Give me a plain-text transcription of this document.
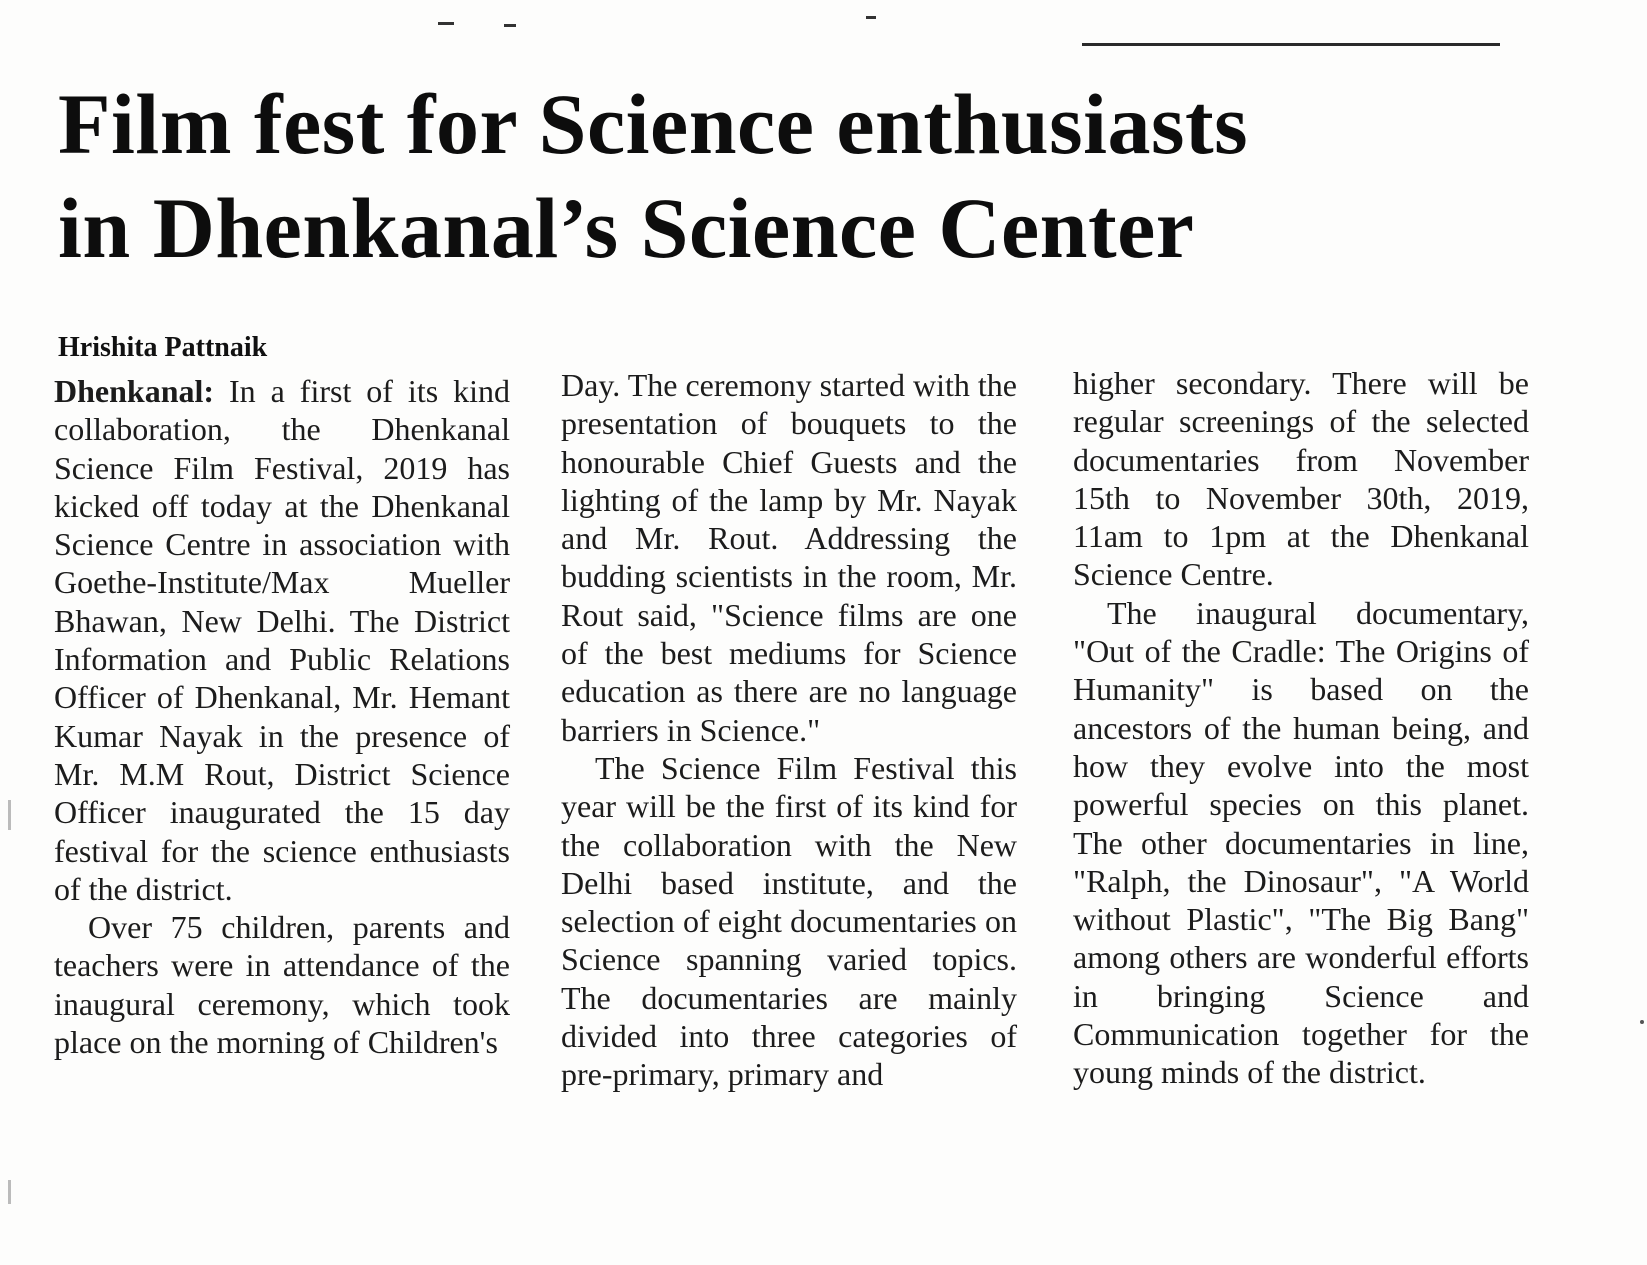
Film fest for Science enthusiasts
in Dhenkanal’s Science Center
Hrishita Pattnaik

Dhenkanal: In a first of its kind collaboration, the Dhenkanal Science Film Festival, 2019 has kicked off today at the Dhenkanal Science Centre in association with Goethe-Institute/Max Mueller Bhawan, New Delhi. The District Information and Public Relations Officer of Dhenkanal, Mr. Hemant Kumar Nayak in the presence of Mr. M.M Rout, District Science Officer inaugurated the 15 day festival for the science enthusiasts of the district.

Over 75 children, parents and teachers were in attendance of the inaugural ceremony, which took place on the morning of Children's

Day. The ceremony started with the presentation of bouquets to the honourable Chief Guests and the lighting of the lamp by Mr. Nayak and Mr. Rout. Addressing the budding scientists in the room, Mr. Rout said, "Science films are one of the best mediums for Science education as there are no language barriers in Science."

The Science Film Festival this year will be the first of its kind for the collaboration with the New Delhi based institute, and the selection of eight documentaries on Science spanning varied topics. The documentaries are mainly divided into three categories of pre-primary, primary and

higher secondary. There will be regular screenings of the selected documentaries from November 15th to November 30th, 2019, 11am to 1pm at the Dhenkanal Science Centre.

The inaugural documentary, "Out of the Cradle: The Origins of Humanity" is based on the ancestors of the human being, and how they evolve into the most powerful species on this planet. The other documentaries in line, "Ralph, the Dinosaur", "A World without Plastic", "The Big Bang" among others are wonderful efforts in bringing Science and Communication together for the young minds of the district.
